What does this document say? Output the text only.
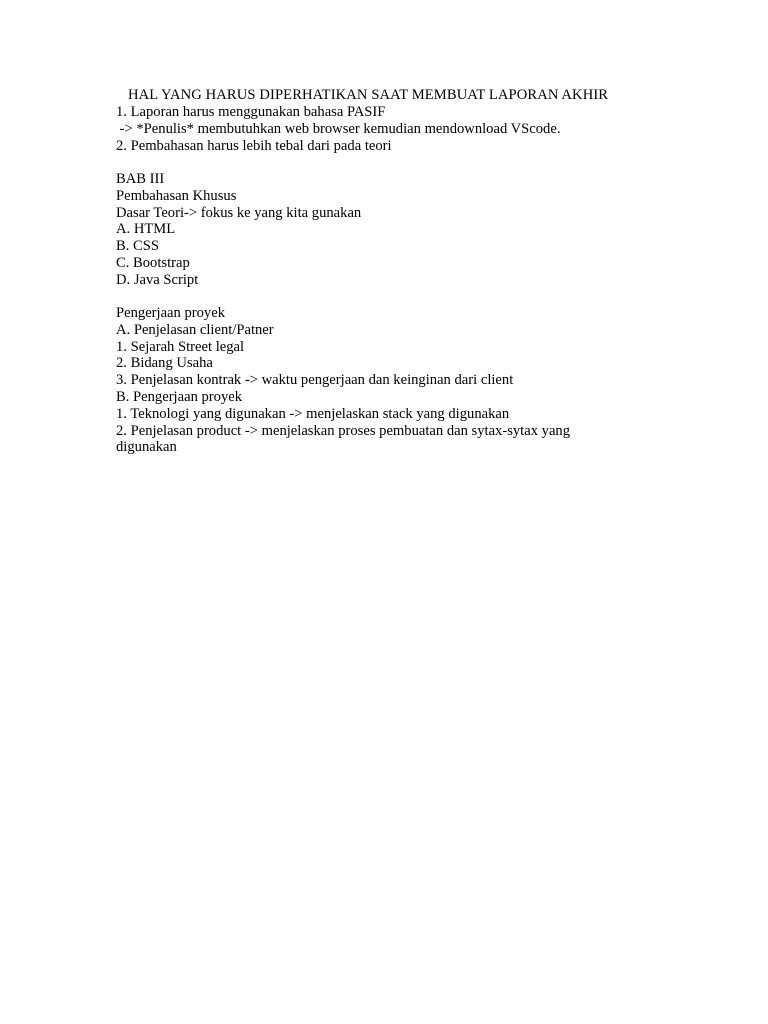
HAL YANG HARUS DIPERHATIKAN SAAT MEMBUAT LAPORAN AKHIR
1. Laporan harus menggunakan bahasa PASIF
-> *Penulis* membutuhkan web browser kemudian mendownload VScode.
2. Pembahasan harus lebih tebal dari pada teori
BAB III
Pembahasan Khusus
Dasar Teori-> fokus ke yang kita gunakan
A. HTML
B. CSS
C. Bootstrap
D. Java Script
Pengerjaan proyek
A. Penjelasan client/Patner
1. Sejarah Street legal
2. Bidang Usaha
3. Penjelasan kontrak -> waktu pengerjaan dan keinginan dari client
B. Pengerjaan proyek
1. Teknologi yang digunakan -> menjelaskan stack yang digunakan
2. Penjelasan product -> menjelaskan proses pembuatan dan sytax-sytax yang digunakan
